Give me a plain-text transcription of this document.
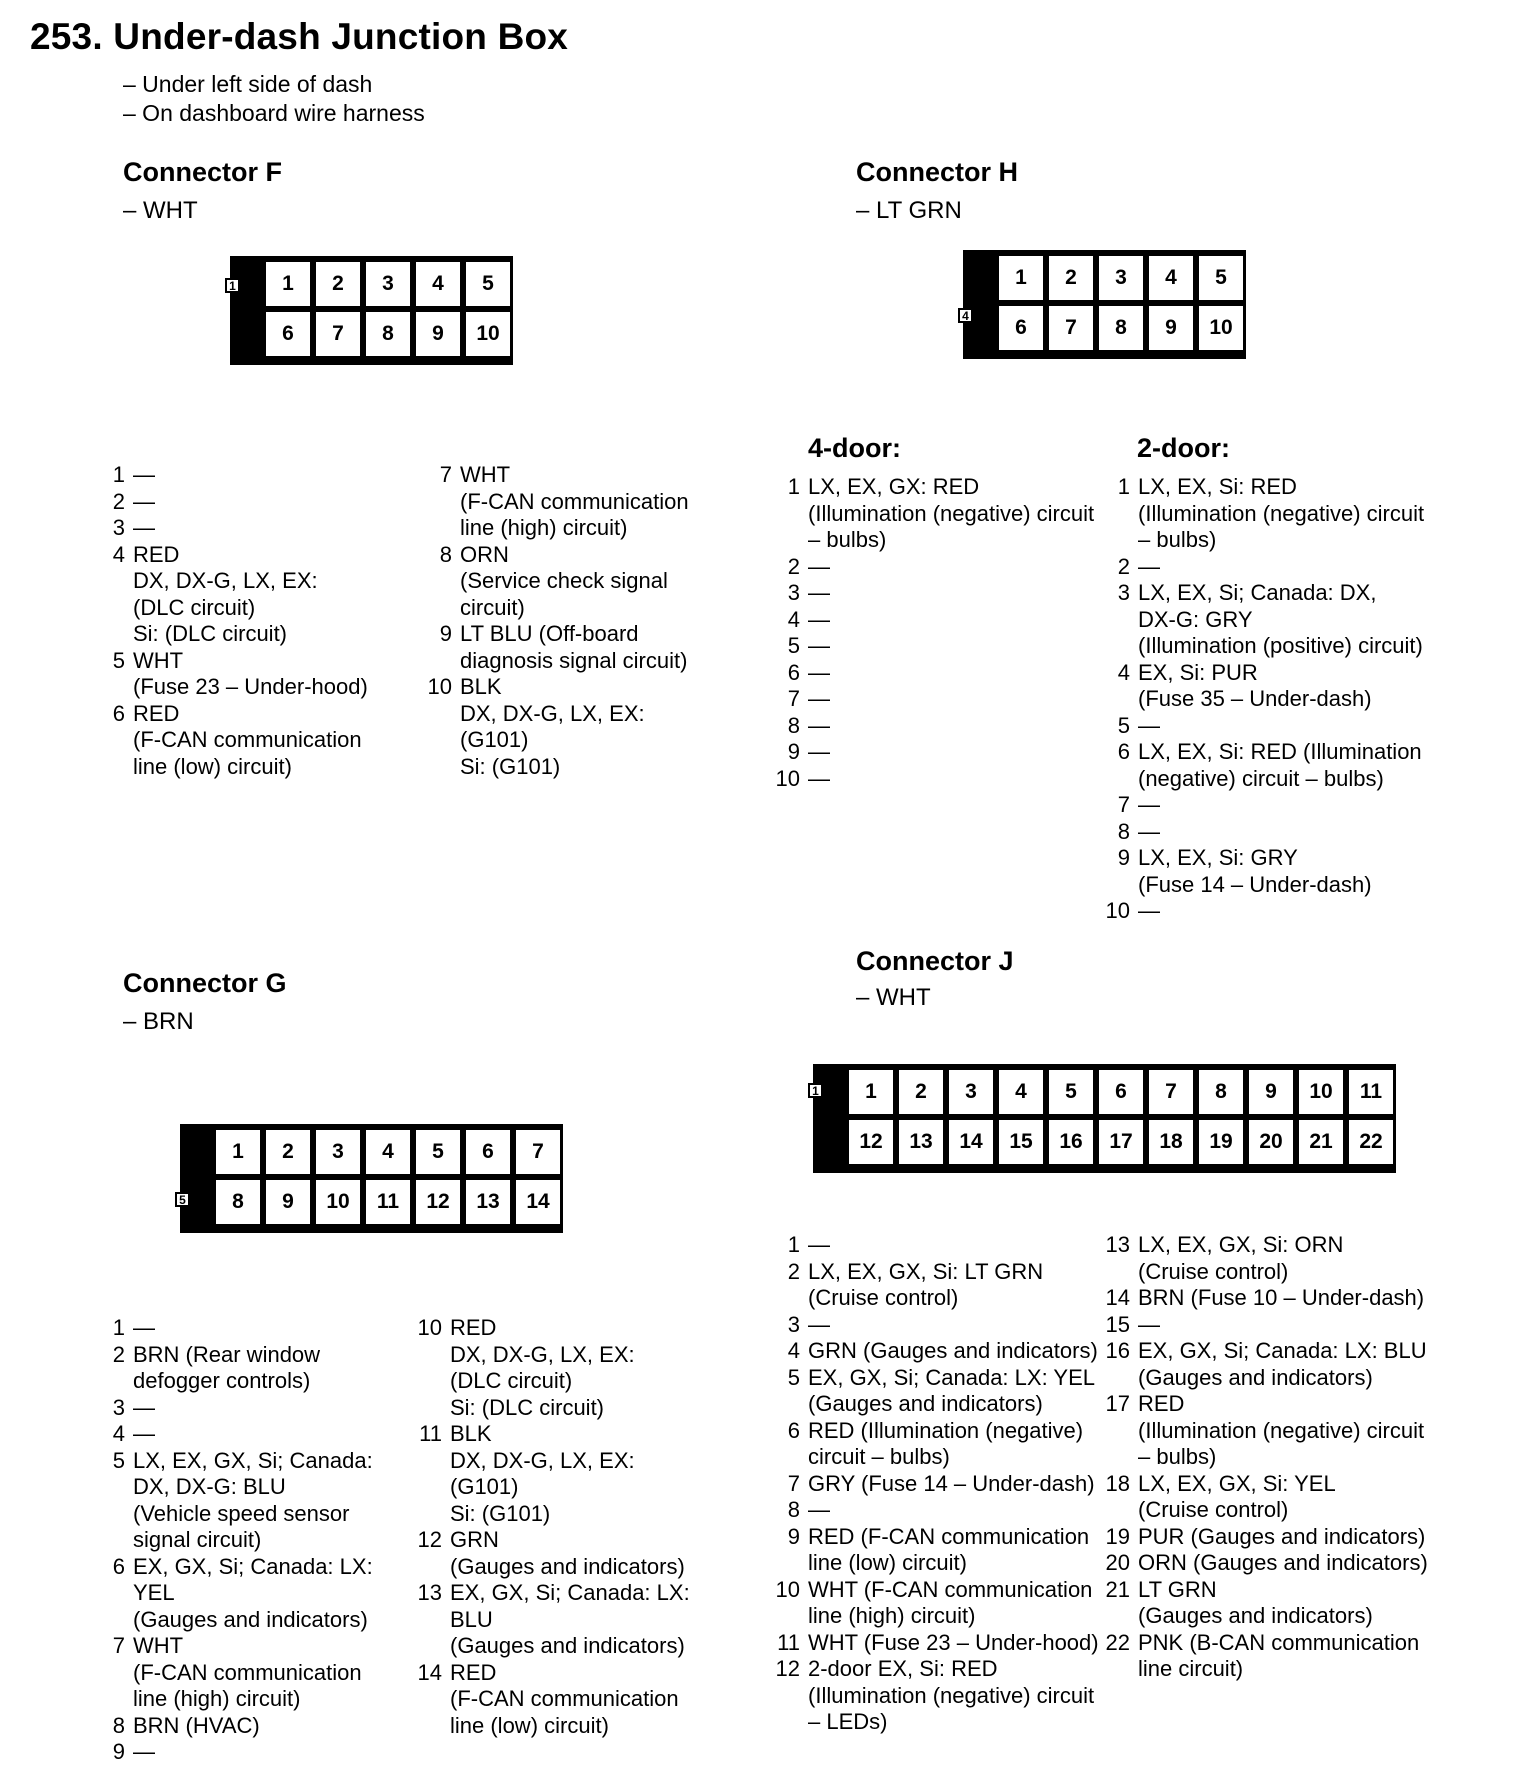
253. Under-dash Junction Box
– Under left side of dash
– On dashboard wire harness
Connector F
– WHT
1	2	3	4	5
6	7	8	9	10
1
1 —
2 —
3 —
4 RED
DX, DX-G, LX, EX:
(DLC circuit)
Si: (DLC circuit)
5 WHT
(Fuse 23 – Under-hood)
6 RED
(F-CAN communication
line (low) circuit)
7 WHT
(F-CAN communication
line (high) circuit)
8 ORN
(Service check signal
circuit)
9 LT BLU (Off-board
diagnosis signal circuit)
10 BLK
DX, DX-G, LX, EX:
(G101)
Si: (G101)
Connector H
– LT GRN
1	2	3	4	5
6	7	8	9	10
4
4-door:	2-door:
1 LX, EX, GX: RED
(Illumination (negative) circuit
– bulbs)
2 —
3 —
4 —
5 —
6 —
7 —
8 —
9 —
10 —
1 LX, EX, Si: RED
(Illumination (negative) circuit
– bulbs)
2 —
3 LX, EX, Si; Canada: DX,
DX-G: GRY
(Illumination (positive) circuit)
4 EX, Si: PUR
(Fuse 35 – Under-dash)
5 —
6 LX, EX, Si: RED (Illumination
(negative) circuit – bulbs)
7 —
8 —
9 LX, EX, Si: GRY
(Fuse 14 – Under-dash)
10 —
Connector G
– BRN
1	2	3	4	5	6	7
8	9	10	11	12	13	14
5
1 —
2 BRN (Rear window
defogger controls)
3 —
4 —
5 LX, EX, GX, Si; Canada:
DX, DX-G: BLU
(Vehicle speed sensor
signal circuit)
6 EX, GX, Si; Canada: LX:
YEL
(Gauges and indicators)
7 WHT
(F-CAN communication
line (high) circuit)
8 BRN (HVAC)
9 —
10 RED
DX, DX-G, LX, EX:
(DLC circuit)
Si: (DLC circuit)
11 BLK
DX, DX-G, LX, EX:
(G101)
Si: (G101)
12 GRN
(Gauges and indicators)
13 EX, GX, Si; Canada: LX:
BLU
(Gauges and indicators)
14 RED
(F-CAN communication
line (low) circuit)
Connector J
– WHT
1	2	3	4	5	6	7	8	9	10	11
12	13	14	15	16	17	18	19	20	21	22
1
1 —
2 LX, EX, GX, Si: LT GRN
(Cruise control)
3 —
4 GRN (Gauges and indicators)
5 EX, GX, Si; Canada: LX: YEL
(Gauges and indicators)
6 RED (Illumination (negative)
circuit – bulbs)
7 GRY (Fuse 14 – Under-dash)
8 —
9 RED (F-CAN communication
line (low) circuit)
10 WHT (F-CAN communication
line (high) circuit)
11 WHT (Fuse 23 – Under-hood)
12 2-door EX, Si: RED
(Illumination (negative) circuit
– LEDs)
13 LX, EX, GX, Si: ORN
(Cruise control)
14 BRN (Fuse 10 – Under-dash)
15 —
16 EX, GX, Si; Canada: LX: BLU
(Gauges and indicators)
17 RED
(Illumination (negative) circuit
– bulbs)
18 LX, EX, GX, Si: YEL
(Cruise control)
19 PUR (Gauges and indicators)
20 ORN (Gauges and indicators)
21 LT GRN
(Gauges and indicators)
22 PNK (B-CAN communication
line circuit)
